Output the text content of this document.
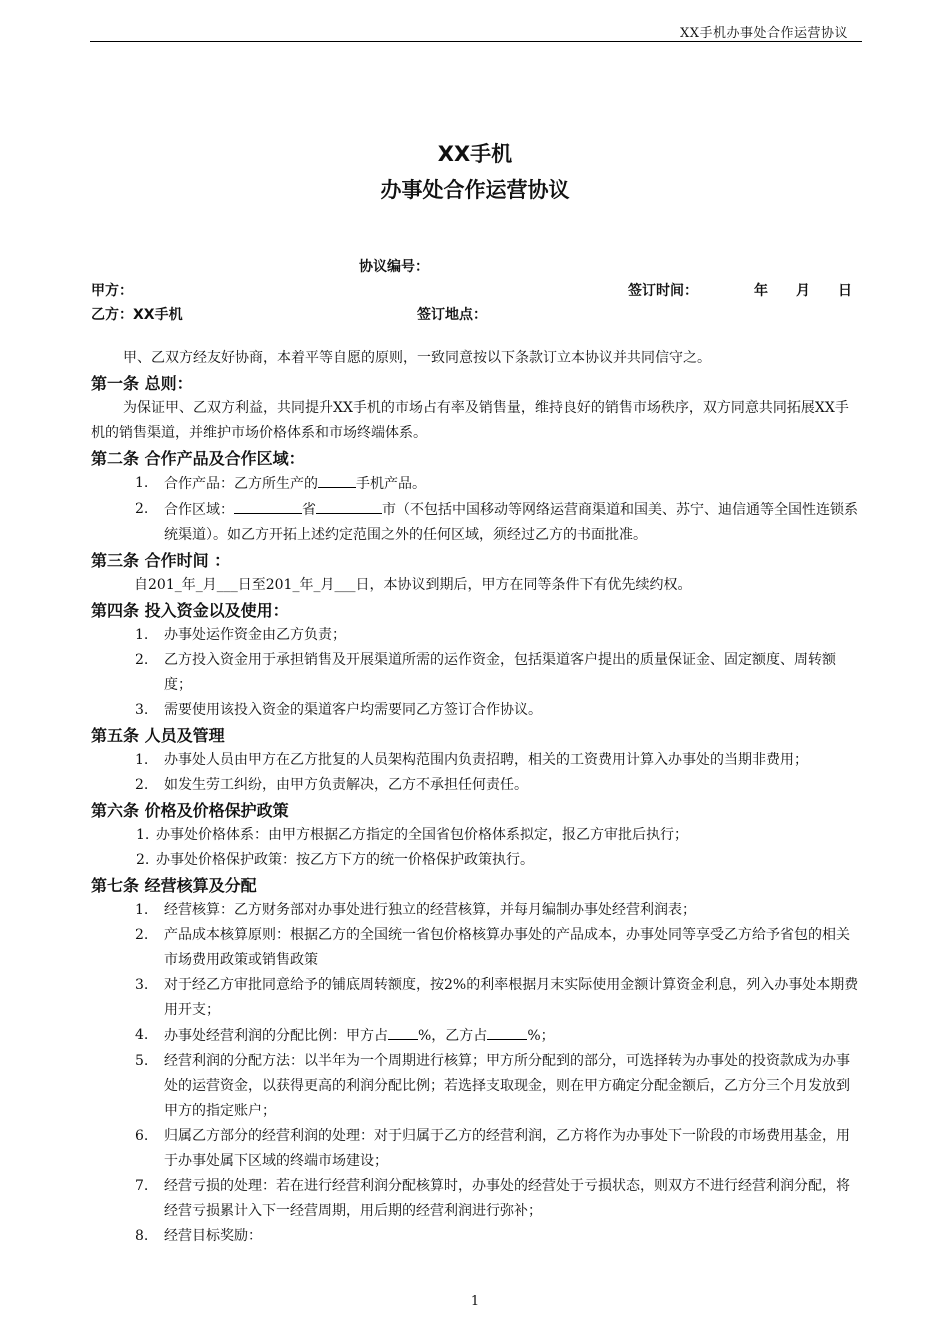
XX手机办事处合作运营协议
XX手机
办事处合作运营协议
协议编号：
甲方：	签订时间：	年　　月　　日
乙方：XX手机	签订地点：

甲、乙双方经友好协商，本着平等自愿的原则，一致同意按以下条款订立本协议并共同信守之。

第一条 总则：

为保证甲、乙双方利益，共同提升XX手机的市场占有率及销售量，维持良好的销售市场秩序，双方同意共同拓展XX手机的销售渠道，并维护市场价格体系和市场终端体系。

第二条 合作产品及合作区域：
1.	合作产品：乙方所生产的	手机产品。
2.	合作区域：	省	市（不包括中国移动等网络运营商渠道和国美、苏宁、迪信通等全国性连锁系统渠道）。如乙方开拓上述约定范围之外的任何区域，须经过乙方的书面批准。
第三条 合作时间 ：

自201_年_月___日至201_年_月___日，本协议到期后，甲方在同等条件下有优先续约权。

第四条 投入资金以及使用：
1.	办事处运作资金由乙方负责；
2.	乙方投入资金用于承担销售及开展渠道所需的运作资金，包括渠道客户提出的质量保证金、固定额度、周转额度；
3.	需要使用该投入资金的渠道客户均需要同乙方签订合作协议。
第五条 人员及管理
1.	办事处人员由甲方在乙方批复的人员架构范围内负责招聘，相关的工资费用计算入办事处的当期非费用；
2.	如发生劳工纠纷，由甲方负责解决，乙方不承担任何责任。
第六条 价格及价格保护政策
1. 办事处价格体系：由甲方根据乙方指定的全国省包价格体系拟定，报乙方审批后执行；
2. 办事处价格保护政策：按乙方下方的统一价格保护政策执行。
第七条 经营核算及分配
1.	经营核算：乙方财务部对办事处进行独立的经营核算，并每月编制办事处经营利润表；
2.	产品成本核算原则：根据乙方的全国统一省包价格核算办事处的产品成本，办事处同等享受乙方给予省包的相关市场费用政策或销售政策
3.	对于经乙方审批同意给予的铺底周转额度，按2%的利率根据月末实际使用金额计算资金利息，列入办事处本期费用开支；
4.	办事处经营利润的分配比例：甲方占 %，乙方占	%；
5.	经营利润的分配方法：以半年为一个周期进行核算；甲方所分配到的部分，可选择转为办事处的投资款成为办事处的运营资金，以获得更高的利润分配比例；若选择支取现金，则在甲方确定分配金额后，乙方分三个月发放到甲方的指定账户；
6.	归属乙方部分的经营利润的处理：对于归属于乙方的经营利润，乙方将作为办事处下一阶段的市场费用基金，用于办事处属下区域的终端市场建设；
7.	经营亏损的处理：若在进行经营利润分配核算时，办事处的经营处于亏损状态，则双方不进行经营利润分配，将经营亏损累计入下一经营周期，用后期的经营利润进行弥补；
8.	经营目标奖励：
1
